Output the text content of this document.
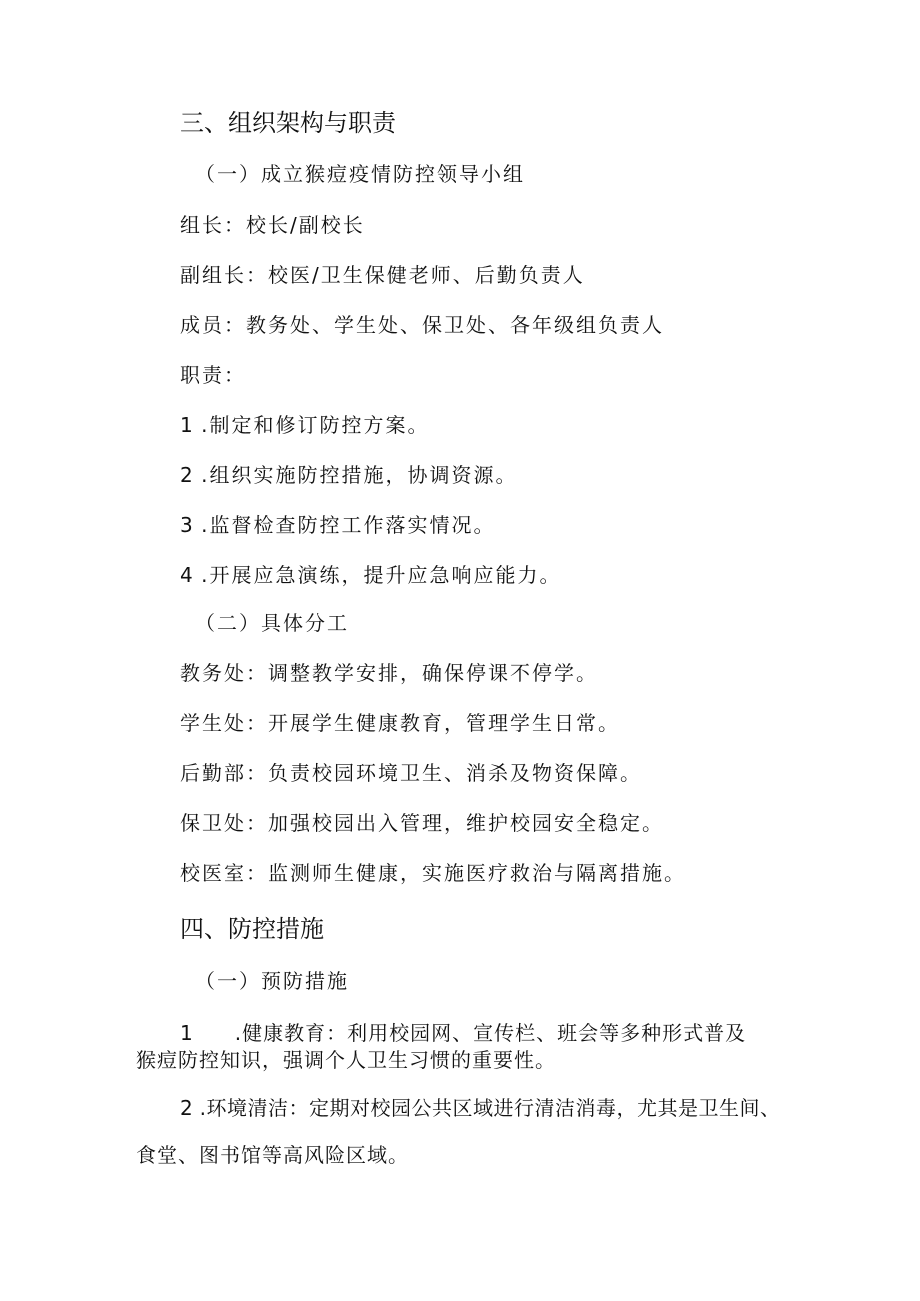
三、组织架构与职责
（一）成立猴痘疫情防控领导小组
组长：校长/副校长
副组长：校医/卫生保健老师、后勤负责人
成员：教务处、学生处、保卫处、各年级组负责人
职责：
1 .制定和修订防控方案。
2 .组织实施防控措施，协调资源。
3 .监督检查防控工作落实情况。
4 .开展应急演练，提升应急响应能力。
（二）具体分工
教务处：调整教学安排，确保停课不停学。
学生处：开展学生健康教育，管理学生日常。
后勤部：负责校园环境卫生、消杀及物资保障。
保卫处：加强校园出入管理，维护校园安全稳定。
校医室：监测师生健康，实施医疗救治与隔离措施。
四、防控措施
（一）预防措施
1 .健康教育：利用校园网、宣传栏、班会等多种形式普及
猴痘防控知识，强调个人卫生习惯的重要性。
2 .环境清洁：定期对校园公共区域进行清洁消毒，尤其是卫生间、
食堂、图书馆等高风险区域。
